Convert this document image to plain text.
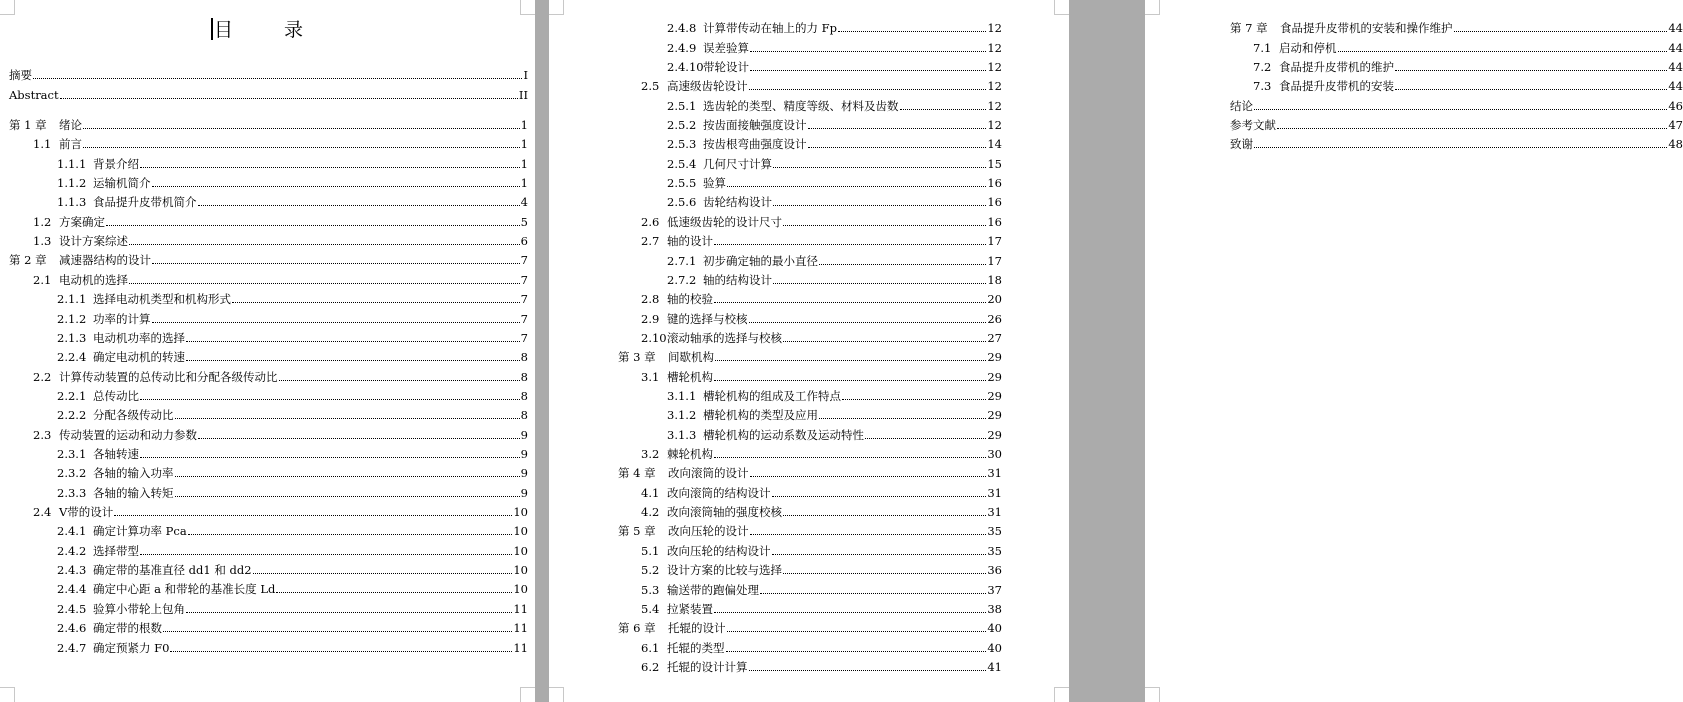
目　录
摘要	I
Abstract	II
第 1 章	绪论	1
1.1 前言	1
1.1.1 背景介绍	1
1.1.2 运输机简介	1
1.1.3 食品提升皮带机简介	4
1.2 方案确定	5
1.3 设计方案综述	6
第 2 章	减速器结构的设计	7
2.1 电动机的选择	7
2.1.1 选择电动机类型和机构形式	7
2.1.2 功率的计算	7
2.1.3 电动机功率的选择	7
2.2.4 确定电动机的转速	8
2.2 计算传动装置的总传动比和分配各级传动比	8
2.2.1 总传动比	8
2.2.2 分配各级传动比	8
2.3 传动装置的运动和动力参数	9
2.3.1 各轴转速	9
2.3.2 各轴的输入功率	9
2.3.3 各轴的输入转矩	9
2.4 V带的设计	10
2.4.1 确定计算功率 Pca	10
2.4.2 选择带型	10
2.4.3 确定带的基准直径 dd1 和 dd2	10
2.4.4 确定中心距 a 和带轮的基准长度 Ld	10
2.4.5 验算小带轮上包角	11
2.4.6 确定带的根数	11
2.4.7 确定预紧力 F0	11
2.4.8 计算带传动在轴上的力 Fp	12
2.4.9 误差验算	12
2.4.10 带轮设计	12
2.5 高速级齿轮设计	12
2.5.1 选齿轮的类型、精度等级、材料及齿数	12
2.5.2 按齿面接触强度设计	12
2.5.3 按齿根弯曲强度设计	14
2.5.4 几何尺寸计算	15
2.5.5 验算	16
2.5.6 齿轮结构设计	16
2.6 低速级齿轮的设计尺寸	16
2.7 轴的设计	17
2.7.1 初步确定轴的最小直径	17
2.7.2 轴的结构设计	18
2.8 轴的校验	20
2.9 键的选择与校核	26
2.10 滚动轴承的选择与校核	27
第 3 章	间歇机构	29
3.1 槽轮机构	29
3.1.1 槽轮机构的组成及工作特点	29
3.1.2 槽轮机构的类型及应用	29
3.1.3 槽轮机构的运动系数及运动特性	29
3.2 棘轮机构	30
第 4 章	改向滚筒的设计	31
4.1 改向滚筒的结构设计	31
4.2 改向滚筒轴的强度校核	31
第 5 章	改向压轮的设计	35
5.1 改向压轮的结构设计	35
5.2 设计方案的比较与选择	36
5.3 输送带的跑偏处理	37
5.4 拉紧装置	38
第 6 章	托辊的设计	40
6.1 托辊的类型	40
6.2 托辊的设计计算	41
第 7 章	食品提升皮带机的安装和操作维护	44
7.1 启动和停机	44
7.2 食品提升皮带机的维护	44
7.3 食品提升皮带机的安装	44
结论	46
参考文献	47
致谢	48
